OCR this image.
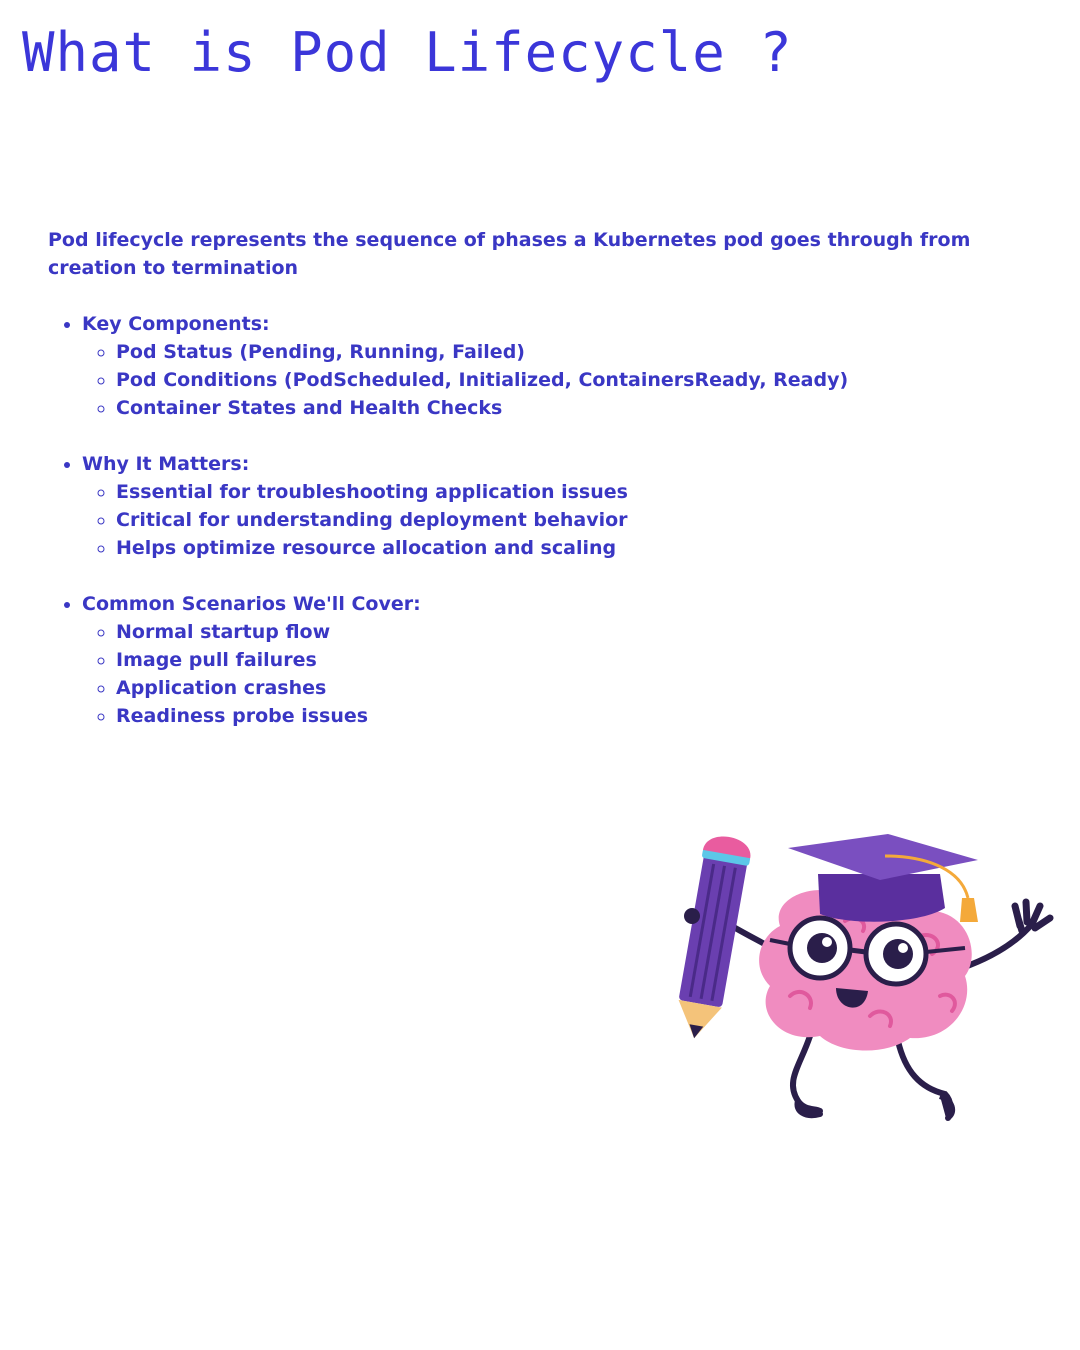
What is Pod Lifecycle ?

Pod lifecycle represents the sequence of phases a Kubernetes pod goes through from creation to termination

• Key Components:
◦ Pod Status (Pending, Running, Failed)
◦ Pod Conditions (PodScheduled, Initialized, ContainersReady, Ready)
◦ Container States and Health Checks
• Why It Matters:
◦ Essential for troubleshooting application issues
◦ Critical for understanding deployment behavior
◦ Helps optimize resource allocation and scaling
• Common Scenarios We'll Cover:
◦ Normal startup flow
◦ Image pull failures
◦ Application crashes
◦ Readiness probe issues
